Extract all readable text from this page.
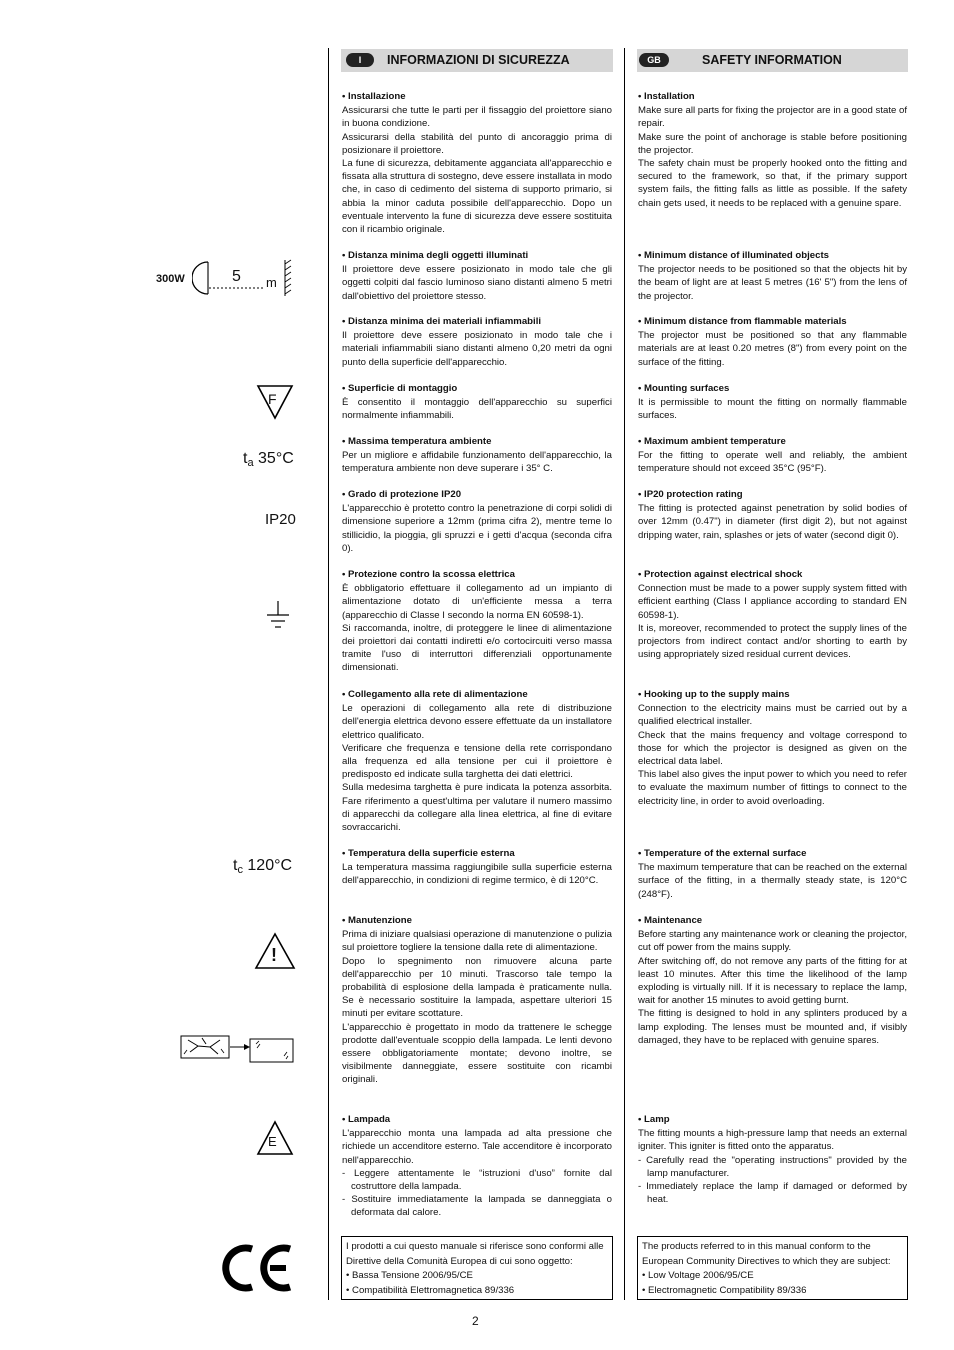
I	INFORMAZIONI DI SICUREZZA	GB	SAFETY INFORMATION
• Installazione

Assicurarsi che tutte le parti per il fissaggio del proiettore siano in buona condizione.

Assicurarsi della stabilità del punto di ancoraggio prima di posizionare il proiettore.

La fune di sicurezza, debitamente agganciata all'apparecchio e fissata alla struttura di sostegno, deve essere installata in modo che, in caso di cedimento del sistema di supporto primario, si abbia la minor caduta possibile dell'apparecchio. Dopo un eventuale intervento la fune di sicurezza deve essere sostituita con il ricambio originale.

• Distanza minima degli oggetti illuminati

Il proiettore deve essere posizionato in modo tale che gli oggetti colpiti dal fascio luminoso siano distanti almeno 5 metri dall'obiettivo del proiettore stesso.

• Distanza minima dei materiali infiammabili

Il proiettore deve essere posizionato in modo tale che i materiali infiammabili siano distanti almeno 0,20 metri da ogni punto della superficie dell'apparecchio.

• Superficie di montaggio

È consentito il montaggio dell'apparecchio su superfici normalmente infiammabili.

• Massima temperatura ambiente

Per un migliore e affidabile funzionamento dell'apparecchio, la temperatura ambiente non deve superare i 35° C.

• Grado di protezione IP20

L'apparecchio è protetto contro la penetrazione di corpi solidi di dimensione superiore a 12mm (prima cifra 2), mentre teme lo stillicidio, la pioggia, gli spruzzi e i getti d'acqua (seconda cifra 0).

• Protezione contro la scossa elettrica

È obbligatorio effettuare il collegamento ad un impianto di alimentazione dotato di un'efficiente messa a terra (apparecchio di Classe I secondo la norma EN 60598-1).

Si raccomanda, inoltre, di proteggere le linee di alimentazione dei proiettori dai contatti indiretti e/o cortocircuiti verso massa tramite l'uso di interruttori differenziali opportunamente dimensionati.

• Collegamento alla rete di alimentazione

Le operazioni di collegamento alla rete di distribuzione dell'energia elettrica devono essere effettuate da un installatore elettrico qualificato.

Verificare che frequenza e tensione della rete corrispondano alla frequenza ed alla tensione per cui il proiettore è predisposto ed indicate sulla targhetta dei dati elettrici.

Sulla medesima targhetta è pure indicata la potenza assorbita. Fare riferimento a quest'ultima per valutare il numero massimo di apparecchi da collegare alla linea elettrica, al fine di evitare sovraccarichi.

• Temperatura della superficie esterna

La temperatura massima raggiungibile sulla superficie esterna dell'apparecchio, in condizioni di regime termico, è di 120°C.

• Manutenzione

Prima di iniziare qualsiasi operazione di manutenzione o pulizia sul proiettore togliere la tensione dalla rete di alimentazione.

Dopo lo spegnimento non rimuovere alcuna parte dell'apparecchio per 10 minuti. Trascorso tale tempo la probabilità di esplosione della lampada è praticamente nulla. Se è necessario sostituire la lampada, aspettare ulteriori 15 minuti per evitare scottature.

L'apparecchio è progettato in modo da trattenere le schegge prodotte dall'eventuale scoppio della lampada. Le lenti devono essere obbligatoriamente montate; devono inoltre, se visibilmente danneggiate, essere sostituite con ricambi originali.

• Lampada

L'apparecchio monta una lampada ad alta pressione che richiede un accenditore esterno. Tale accenditore è incorporato nell'apparecchio.

- Leggere attentamente le “istruzioni d'uso” fornite dal costruttore della lampada.

- Sostituire immediatamente la lampada se danneggiata o deformata dal calore.

• Installation

Make sure all parts for fixing the projector are in a good state of repair.

Make sure the point of anchorage is stable before positioning the projector.

The safety chain must be properly hooked onto the fitting and secured to the framework, so that, if the primary support system fails, the fitting falls as little as possible. If the safety chain gets used, it needs to be replaced with a genuine spare.

• Minimum distance of illuminated objects

The projector needs to be positioned so that the objects hit by the beam of light are at least 5 metres (16' 5") from the lens of the projector.

• Minimum distance from flammable materials

The projector must be positioned so that any flammable materials are at least 0.20 metres (8") from every point on the surface of the fitting.

• Mounting surfaces

It is permissible to mount the fitting on normally flammable surfaces.

• Maximum ambient temperature

For the fitting to operate well and reliably, the ambient temperature should not exceed 35°C (95°F).

• IP20 protection rating

The fitting is protected against penetration by solid bodies of over 12mm (0.47") in diameter (first digit 2), but not against dripping water, rain, splashes or jets of water (second digit 0).

• Protection against electrical shock

Connection must be made to a power supply system fitted with efficient earthing (Class I appliance according to standard EN 60598-1).

It is, moreover, recommended to protect the supply lines of the projectors from indirect contact and/or shorting to earth by using appropriately sized residual current devices.

• Hooking up to the supply mains

Connection to the electricity mains must be carried out by a qualified electrical installer.

Check that the mains frequency and voltage correspond to those for which the projector is designed as given on the electrical data label.

This label also gives the input power to which you need to refer to evaluate the maximum number of fittings to connect to the electricity line, in order to avoid overloading.

• Temperature of the external surface

The maximum temperature that can be reached on the external surface of the fitting, in a thermally steady state, is 120°C (248°F).

• Maintenance

Before starting any maintenance work or cleaning the projector, cut off power from the mains supply.

After switching off, do not remove any parts of the fitting for at least 10 minutes. After this time the likelihood of the lamp exploding is virtually nill. If it is necessary to replace the lamp, wait for another 15 minutes to avoid getting burnt.

The fitting is designed to hold in any splinters produced by a lamp exploding. The lenses must be mounted and, if visibly damaged, they have to be replaced with genuine spares.

• Lamp

The fitting mounts a high-pressure lamp that needs an external igniter. This igniter is fitted onto the apparatus.

- Carefully read the "operating instructions" provided by the lamp manufacturer.

- Immediately replace the lamp if damaged or deformed by heat.

I prodotti a cui questo manuale si riferisce sono conformi alle Direttive della Comunità Europea di cui sono oggetto:
• Bassa Tensione 2006/95/CE
• Compatibilità Elettromagnetica 89/336
The products referred to in this manual conform to the European Community Directives to which they are subject:
• Low Voltage 2006/95/CE
• Electromagnetic Compatibility 89/336
300W	5 m
F
ta 35°C
IP20
tc 120°C
!
E
2
